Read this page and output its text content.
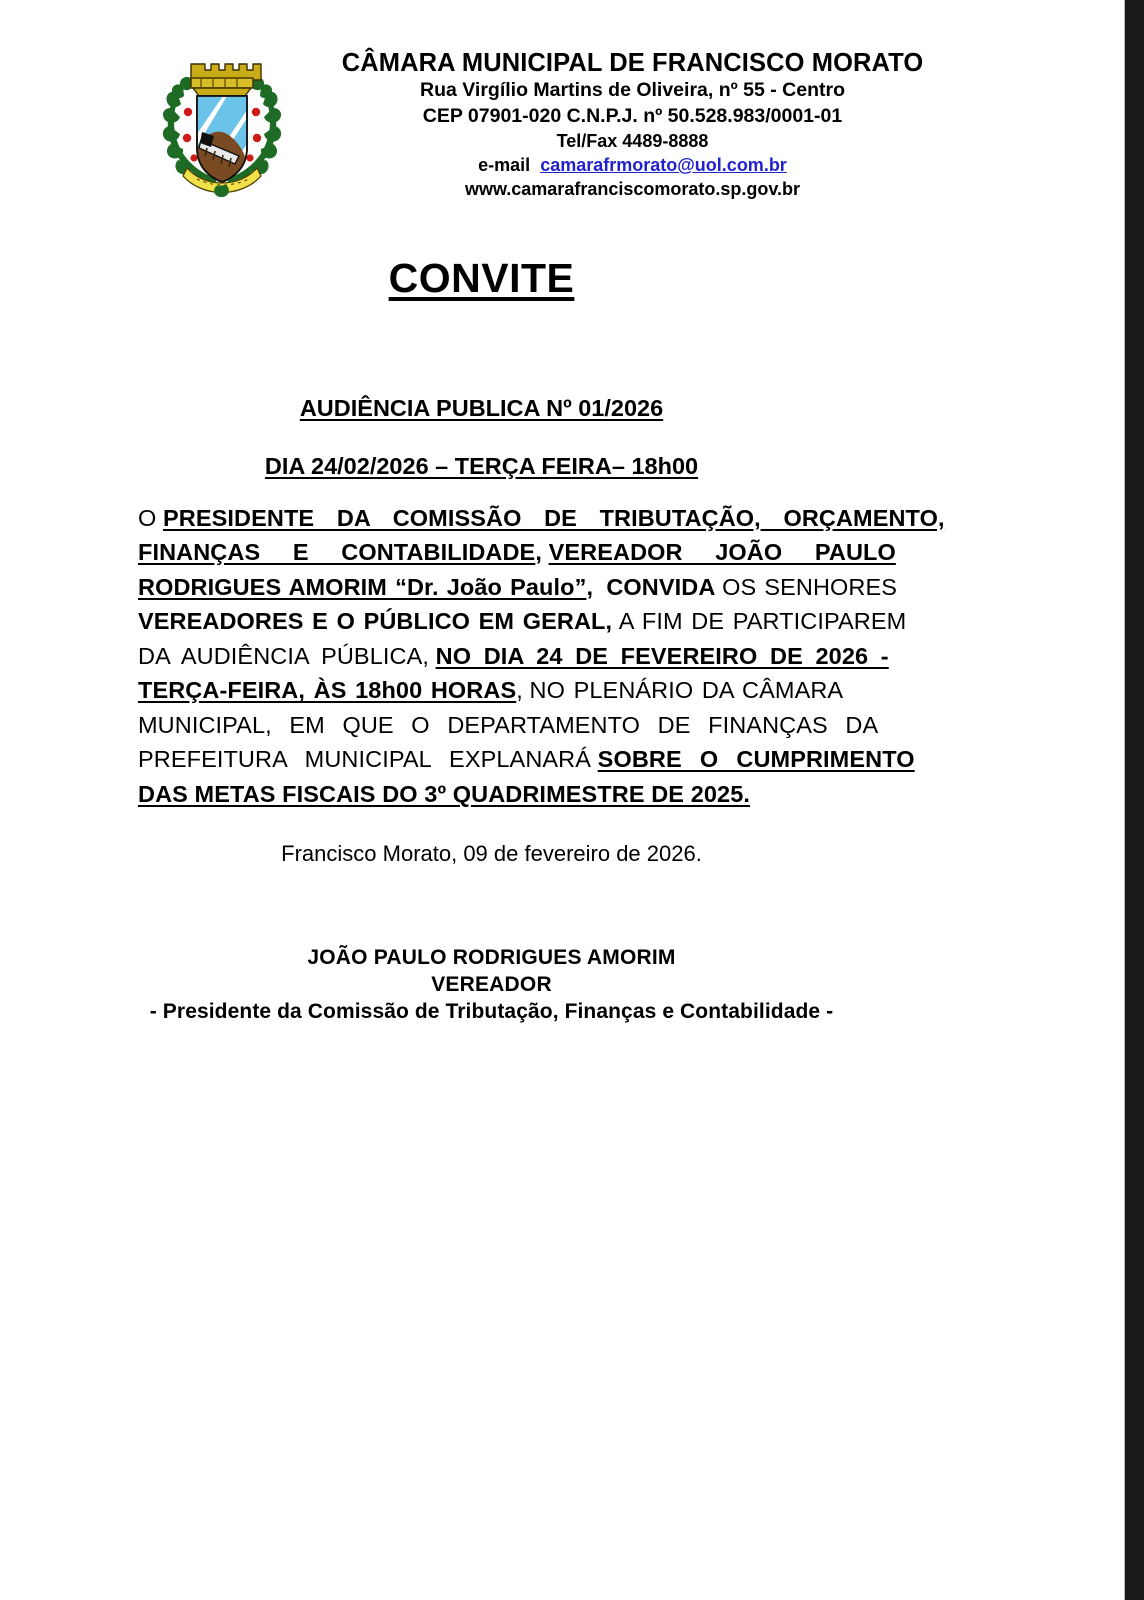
CÂMARA MUNICIPAL DE FRANCISCO MORATO
Rua Virgílio Martins de Oliveira, nº 55 - Centro
CEP 07901-020 C.N.P.J. nº 50.528.983/0001-01
Tel/Fax 4489-8888
e-mail camarafrmorato@uol.com.br
www.camarafranciscomorato.sp.gov.br
CONVITE
AUDIÊNCIA PUBLICA Nº 01/2026
DIA 24/02/2026 – TERÇA FEIRA– 18h00
O PRESIDENTE DA COMISSÃO DE TRIBUTAÇÃO, ORÇAMENTO,
FINANÇAS E CONTABILIDADE, VEREADOR JOÃO PAULO
RODRIGUES AMORIM “Dr. João Paulo”, CONVIDA OS SENHORES
VEREADORES E O PÚBLICO EM GERAL, A FIM DE PARTICIPAREM
DA AUDIÊNCIA PÚBLICA, NO DIA 24 DE FEVEREIRO DE 2026 -
TERÇA-FEIRA, ÀS 18h00 HORAS, NO PLENÁRIO DA CÂMARA
MUNICIPAL, EM QUE O DEPARTAMENTO DE FINANÇAS DA
PREFEITURA MUNICIPAL EXPLANARÁ SOBRE O CUMPRIMENTO
DAS METAS FISCAIS DO 3º QUADRIMESTRE DE 2025.
Francisco Morato, 09 de fevereiro de 2026.
JOÃO PAULO RODRIGUES AMORIM
VEREADOR
- Presidente da Comissão de Tributação, Finanças e Contabilidade -
